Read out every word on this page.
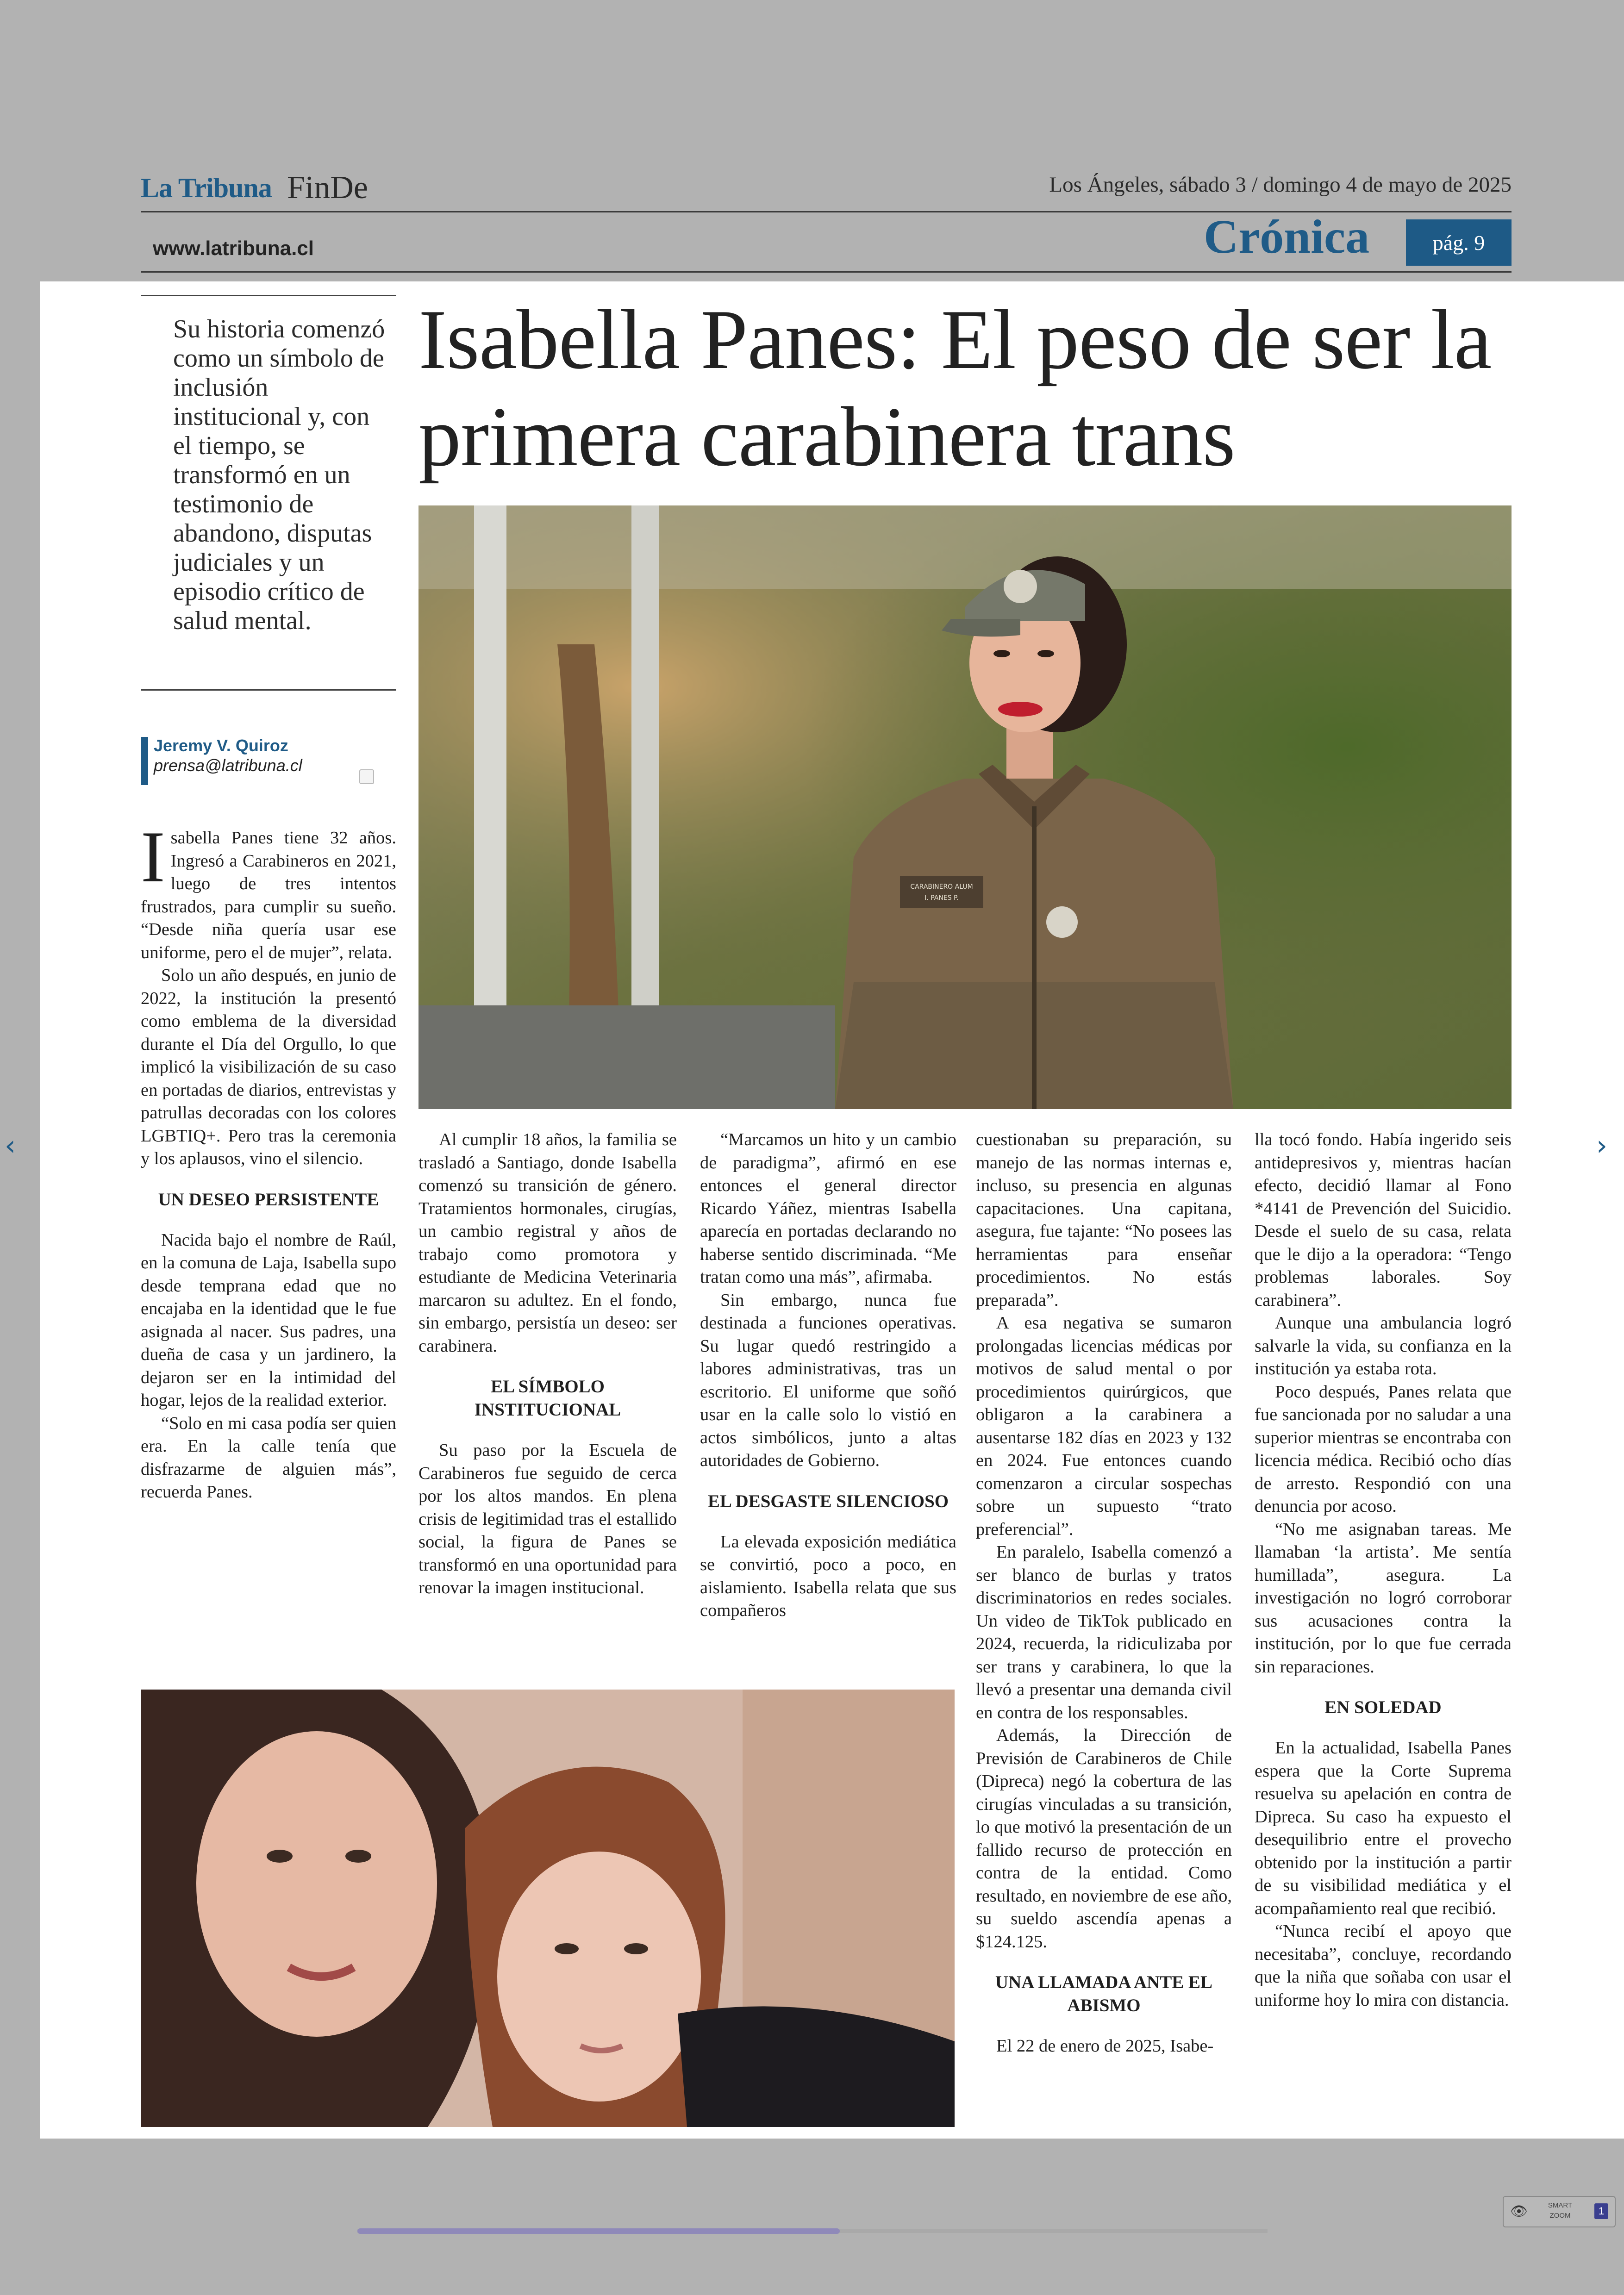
La Tribuna FinDe	Los Ángeles, sábado 3 / domingo 4 de mayo de 2025
www.latribuna.cl	Crónica	pág. 9
Su historia comenzó como un símbolo de inclusión institucional y, con el tiempo, se transformó en un testimonio de abandono, disputas judiciales y un episodio crítico de salud mental.
Jeremy V. Quiroz
prensa@latribuna.cl
Isabella Panes: El peso de ser la primera carabinera trans
CARABINERO ALUM
I. PANES P.

Isabella Panes tiene 32 años. Ingresó a Carabineros en 2021, luego de tres intentos frustrados, para cumplir su sueño. “Desde niña quería usar ese uniforme, pero el de mujer”, relata.

Solo un año después, en junio de 2022, la institución la presentó como emblema de la diversidad durante el Día del Orgullo, lo que implicó la visibilización de su caso en portadas de diarios, entrevistas y patrullas decoradas con los colores LGBTIQ+. Pero tras la ceremonia y los aplausos, vino el silencio.

UN DESEO PERSISTENTE

Nacida bajo el nombre de Raúl, en la comuna de Laja, Isabella supo desde temprana edad que no encajaba en la identidad que le fue asignada al nacer. Sus padres, una dueña de casa y un jardinero, la dejaron ser en la intimidad del hogar, lejos de la realidad exterior.

“Solo en mi casa podía ser quien era. En la calle tenía que disfrazarme de alguien más”, recuerda Panes.

Al cumplir 18 años, la familia se trasladó a Santiago, donde Isabella comenzó su transición de género. Tratamientos hormonales, cirugías, un cambio registral y años de trabajo como promotora y estudiante de Medicina Veterinaria marcaron su adultez. En el fondo, sin embargo, persistía un deseo: ser carabinera.

EL SÍMBOLO INSTITUCIONAL

Su paso por la Escuela de Carabineros fue seguido de cerca por los altos mandos. En plena crisis de legitimidad tras el estallido social, la figura de Panes se transformó en una oportunidad para renovar la imagen institucional.

“Marcamos un hito y un cambio de paradigma”, afirmó en ese entonces el general director Ricardo Yáñez, mientras Isabella aparecía en portadas declarando no haberse sentido discriminada. “Me tratan como una más”, afirmaba.

Sin embargo, nunca fue destinada a funciones operativas. Su lugar quedó restringido a labores administrativas, tras un escritorio. El uniforme que soñó usar en la calle solo lo vistió en actos simbólicos, junto a altas autoridades de Gobierno.

EL DESGASTE SILENCIOSO

La elevada exposición mediática se convirtió, poco a poco, en aislamiento. Isabella relata que sus compañeros

cuestionaban su preparación, su manejo de las normas internas e, incluso, su presencia en algunas capacitaciones. Una capitana, asegura, fue tajante: “No posees las herramientas para enseñar procedimientos. No estás preparada”.

A esa negativa se sumaron prolongadas licencias médicas por motivos de salud mental o por procedimientos quirúrgicos, que obligaron a la carabinera a ausentarse 182 días en 2023 y 132 en 2024. Fue entonces cuando comenzaron a circular sospechas sobre un supuesto “trato preferencial”.

En paralelo, Isabella comenzó a ser blanco de burlas y tratos discriminatorios en redes sociales. Un video de TikTok publicado en 2024, recuerda, la ridiculizaba por ser trans y carabinera, lo que la llevó a presentar una demanda civil en contra de los responsables.

Además, la Dirección de Previsión de Carabineros de Chile (Dipreca) negó la cobertura de las cirugías vinculadas a su transición, lo que motivó la presentación de un fallido recurso de protección en contra de la entidad. Como resultado, en noviembre de ese año, su sueldo ascendía apenas a $124.125.

UNA LLAMADA ANTE EL ABISMO

El 22 de enero de 2025, Isabe-

lla tocó fondo. Había ingerido seis antidepresivos y, mientras hacían efecto, decidió llamar al Fono *4141 de Prevención del Suicidio. Desde el suelo de su casa, relata que le dijo a la operadora: “Tengo problemas laborales. Soy carabinera”.

Aunque una ambulancia logró salvarle la vida, su confianza en la institución ya estaba rota.

Poco después, Panes relata que fue sancionada por no saludar a una superior mientras se encontraba con licencia médica. Recibió ocho días de arresto. Respondió con una denuncia por acoso.

“No me asignaban tareas. Me llamaban ‘la artista’. Me sentía humillada”, asegura. La investigación no logró corroborar sus acusaciones contra la institución, por lo que fue cerrada sin reparaciones.

EN SOLEDAD

En la actualidad, Isabella Panes espera que la Corte Suprema resuelva su apelación en contra de Dipreca. Su caso ha expuesto el desequilibrio entre el provecho obtenido por la institución a partir de su visibilidad mediática y el acompañamiento real que recibió.

“Nunca recibí el apoyo que necesitaba”, concluye, recordando que la niña que soñaba con usar el uniforme hoy lo mira con distancia.

‹	›
👁	SMART ZOOM	1
